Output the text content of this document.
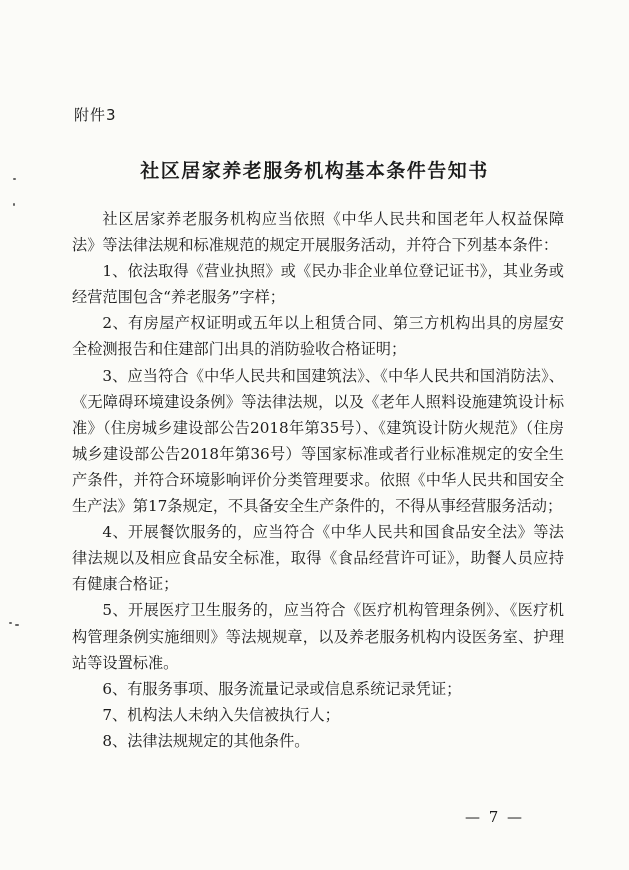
附件3
社区居家养老服务机构基本条件告知书

社区居家养老服务机构应当依照《中华人民共和国老年人权益保障法》等法律法规和标准规范的规定开展服务活动，并符合下列基本条件：

1、依法取得《营业执照》或《民办非企业单位登记证书》，其业务或经营范围包含“养老服务”字样；

2、有房屋产权证明或五年以上租赁合同、第三方机构出具的房屋安全检测报告和住建部门出具的消防验收合格证明；

3、应当符合《中华人民共和国建筑法》、《中华人民共和国消防法》、《无障碍环境建设条例》等法律法规，以及《老年人照料设施建筑设计标准》（住房城乡建设部公告2018年第35号）、《建筑设计防火规范》（住房城乡建设部公告2018年第36号）等国家标准或者行业标准规定的安全生产条件，并符合环境影响评价分类管理要求。依照《中华人民共和国安全生产法》第17条规定，不具备安全生产条件的，不得从事经营服务活动；

4、开展餐饮服务的，应当符合《中华人民共和国食品安全法》等法律法规以及相应食品安全标准，取得《食品经营许可证》，助餐人员应持有健康合格证；

5、开展医疗卫生服务的，应当符合《医疗机构管理条例》、《医疗机构管理条例实施细则》等法规规章，以及养老服务机构内设医务室、护理站等设置标准。

6、有服务事项、服务流量记录或信息系统记录凭证；

7、机构法人未纳入失信被执行人；

8、法律法规规定的其他条件。

— 7 —
